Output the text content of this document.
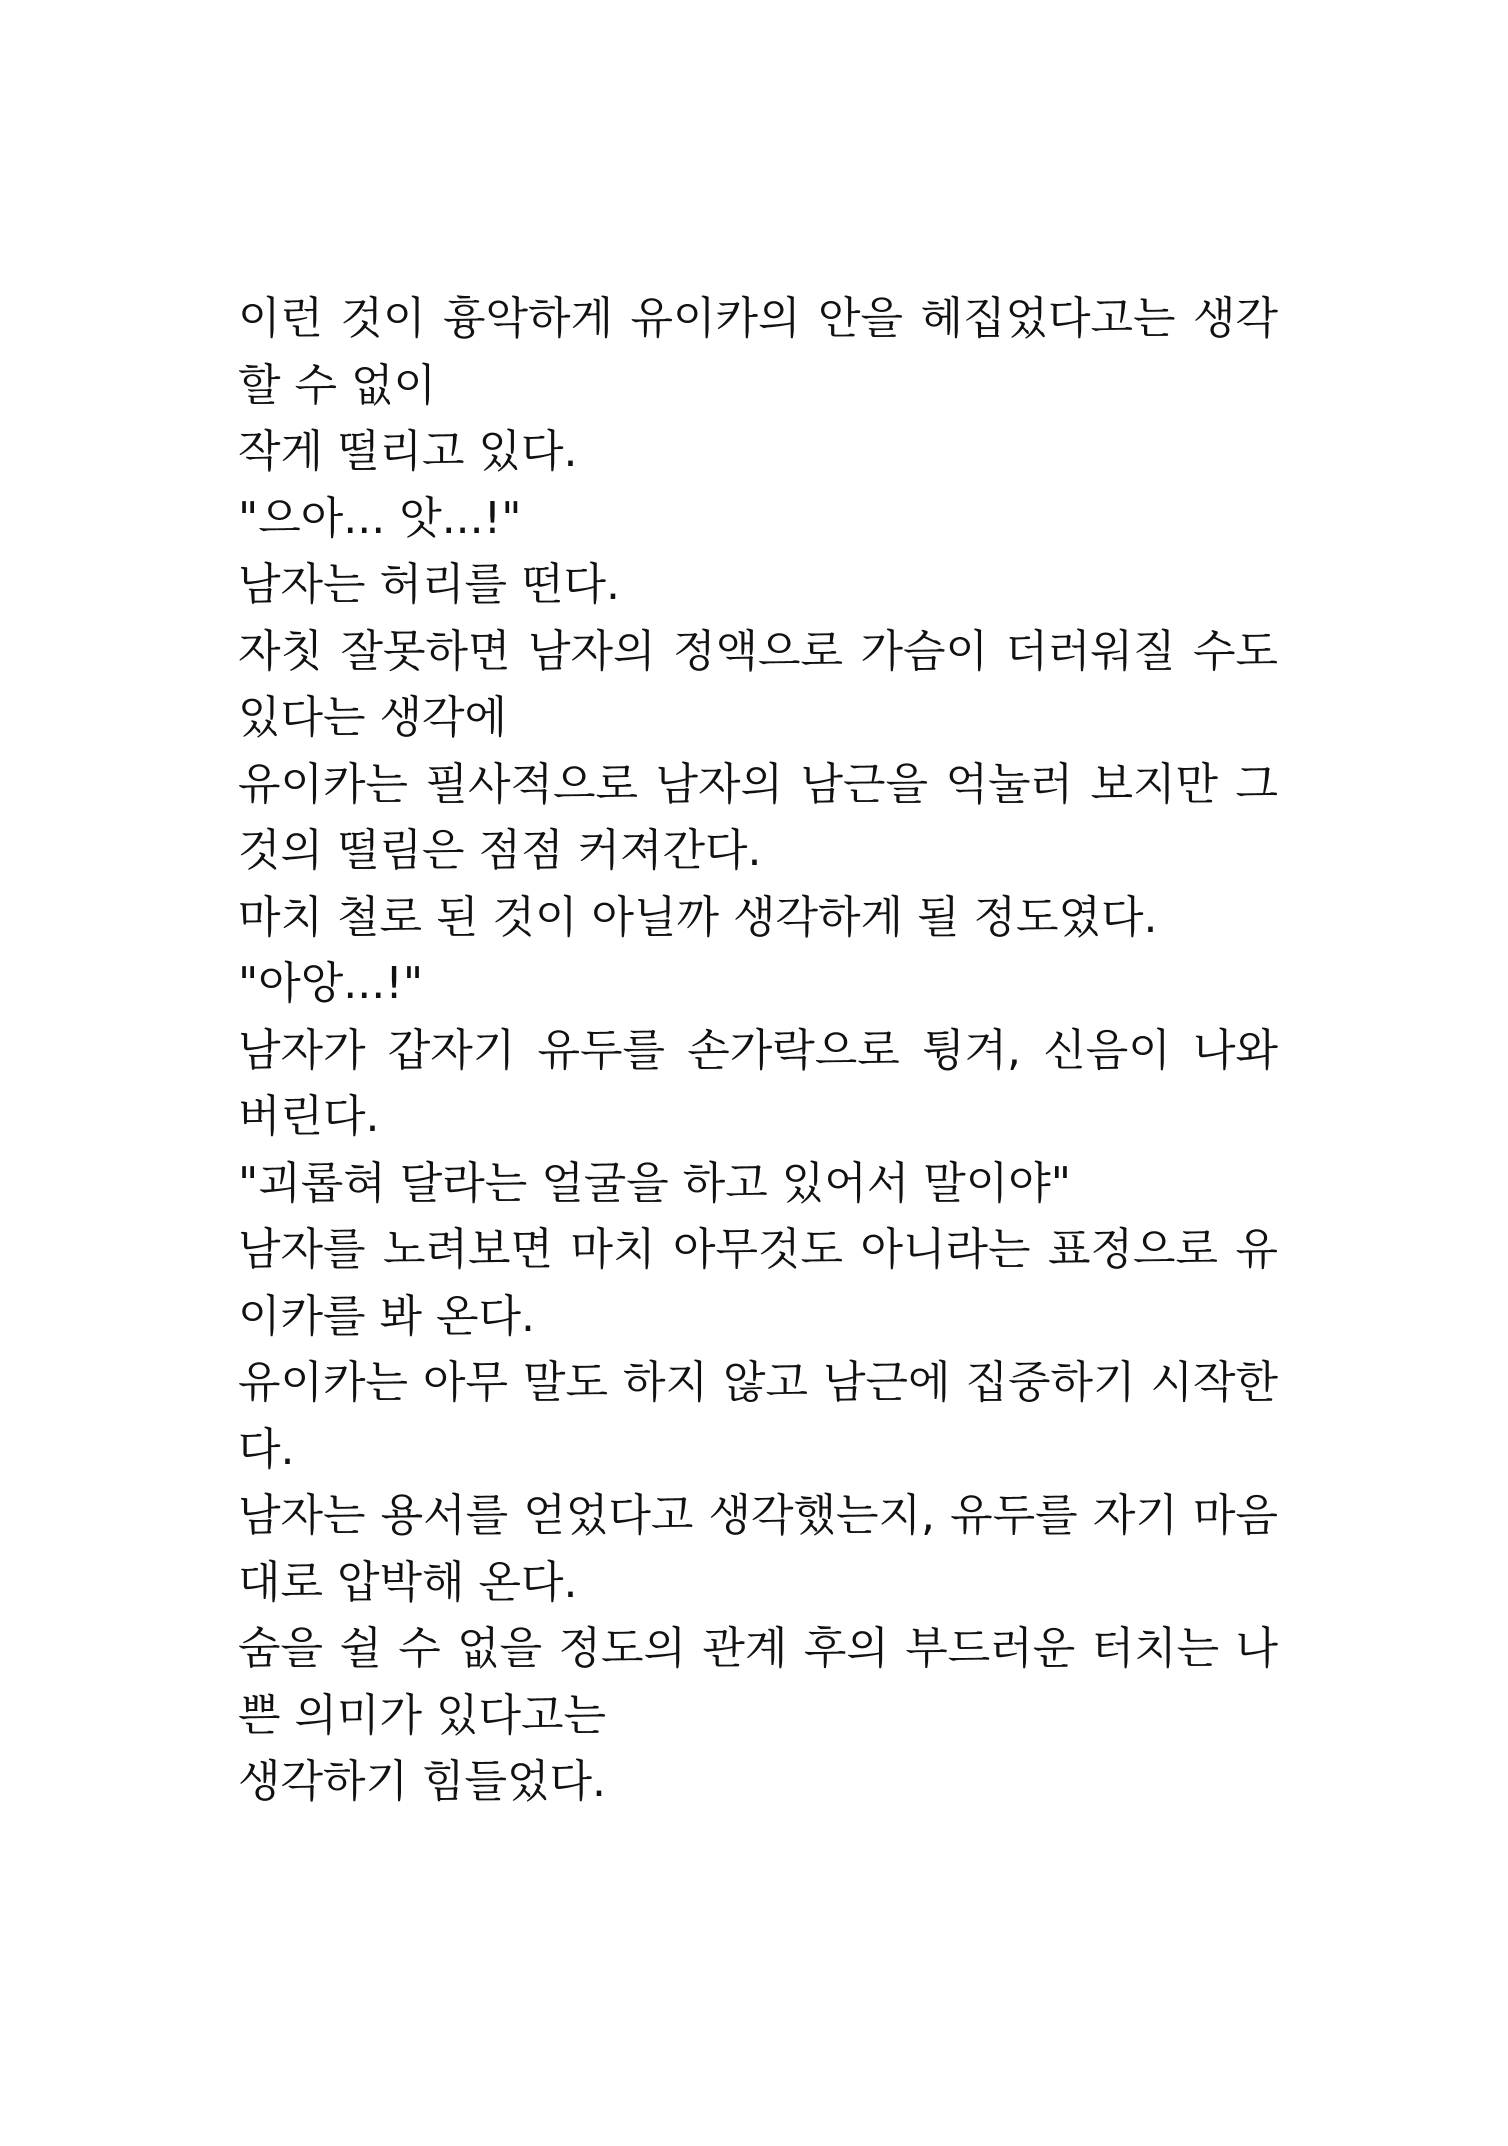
이런 것이 흉악하게 유이카의 안을 헤집었다고는 생각
할 수 없이
작게 떨리고 있다.
"으아... 앗...!"
남자는 허리를 떤다.
자칫 잘못하면 남자의 정액으로 가슴이 더러워질 수도
있다는 생각에
유이카는 필사적으로 남자의 남근을 억눌러 보지만 그
것의 떨림은 점점 커져간다.
마치 철로 된 것이 아닐까 생각하게 될 정도였다.
"아앙...!"
남자가 갑자기 유두를 손가락으로 튕겨, 신음이 나와
버린다.
"괴롭혀 달라는 얼굴을 하고 있어서 말이야"
남자를 노려보면 마치 아무것도 아니라는 표정으로 유
이카를 봐 온다.
유이카는 아무 말도 하지 않고 남근에 집중하기 시작한
다.
남자는 용서를 얻었다고 생각했는지, 유두를 자기 마음
대로 압박해 온다.
숨을 쉴 수 없을 정도의 관계 후의 부드러운 터치는 나
쁜 의미가 있다고는
생각하기 힘들었다.
